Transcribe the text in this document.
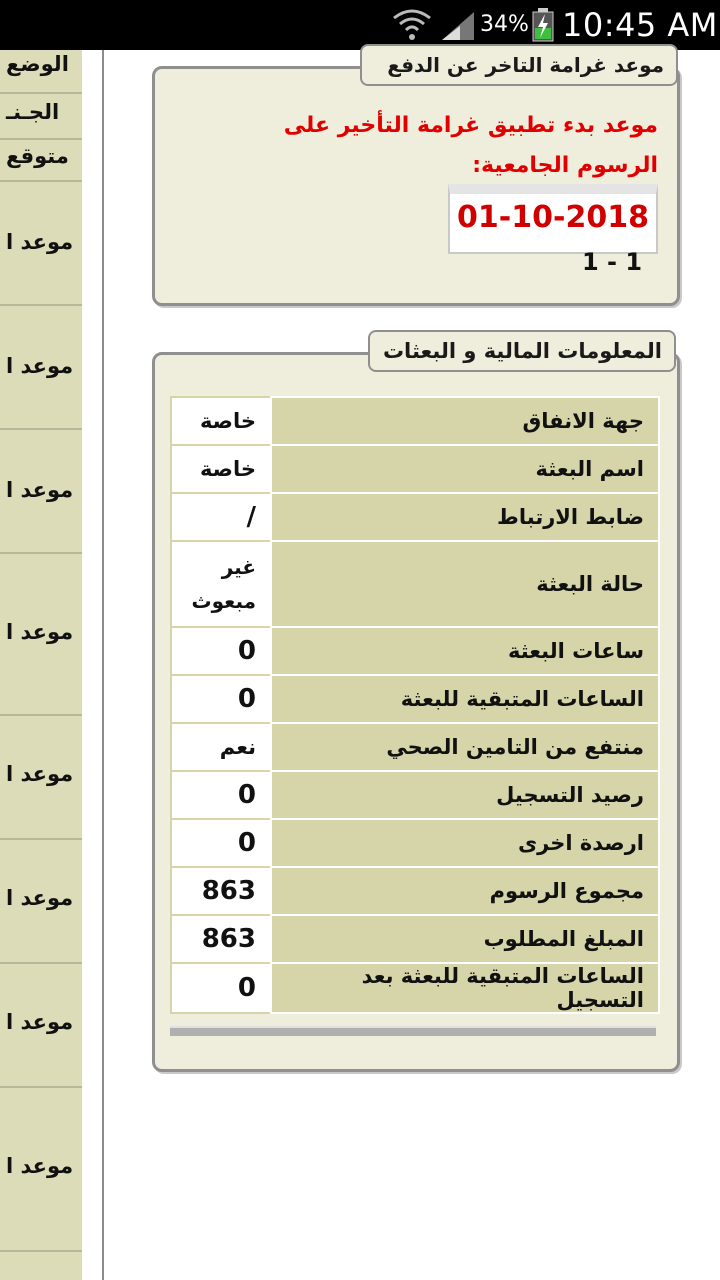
34% 10:45 AM
الوضع
الجـنـ
متوقع
موعد ا
موعد ا
موعد ا
موعد ا
موعد ا
موعد ا
موعد ا
موعد ا
موعد غرامة التاخر عن الدفع
موعد بدء تطبيق غرامة التأخير على الرسوم الجامعية:
01-10-2018
1 - 1
المعلومات المالية و البعثات
جهة الانفاق	خاصة
اسم البعثة	خاصة
ضابط الارتباط	/
حالة البعثة	غير مبعوث
ساعات البعثة	0
الساعات المتبقية للبعثة	0
منتفع من التامين الصحي	نعم
رصيد التسجيل	0
ارصدة اخرى	0
مجموع الرسوم	863
المبلغ المطلوب	863
الساعات المتبقية للبعثة بعد التسجيل	0
